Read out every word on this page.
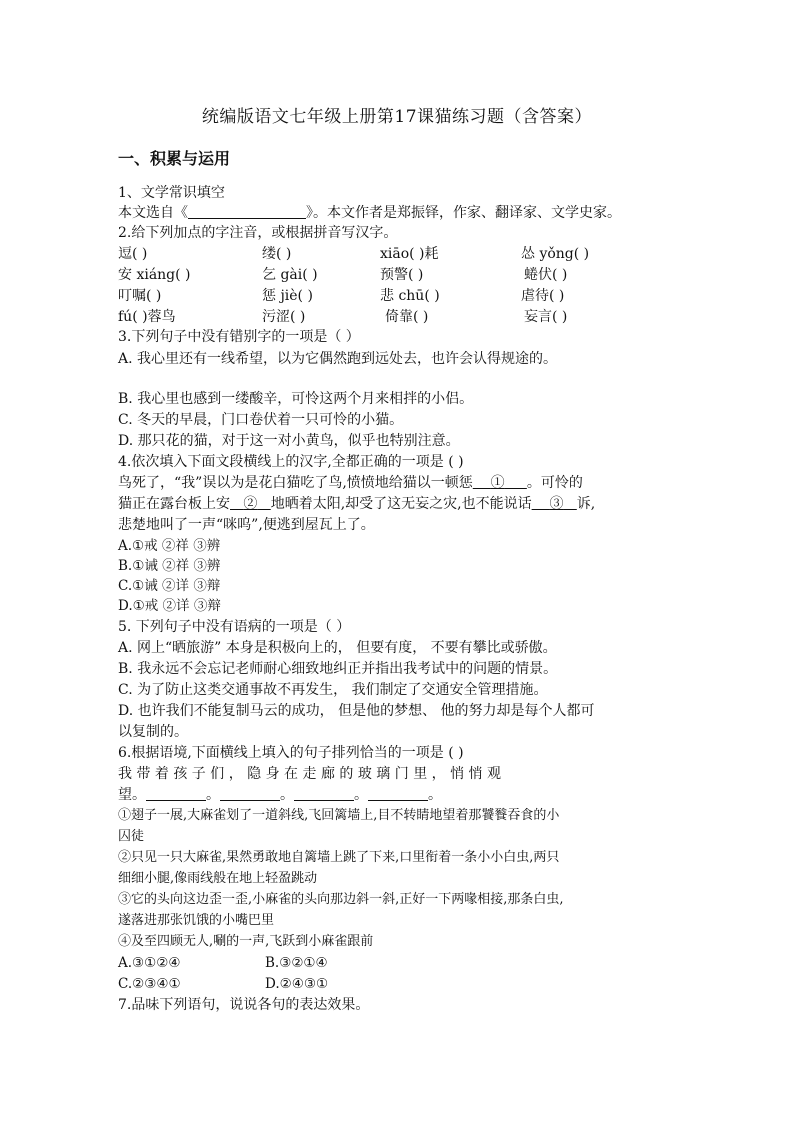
统编版语文七年级上册第17课猫练习题（含答案）
一、积累与运用
1、文学常识填空
本文选自《	》。本文作者是郑振铎，作家、翻译家、文学史家。
2.给下列加点的字注音，或根据拼音写汉字。
逗( )	缕( )	xiāo( )耗	怂 yǒng( )
安 xiáng( )	乞 gài( )	预警( )	蜷伏( )
叮嘱( )	惩 jiè( )	悲 chū( )	虐待( )
fú( )蓉鸟	污涩( )	倚靠( )	妄言( )
3.下列句子中没有错别字的一项是（ ）
A. 我心里还有一线希望，以为它偶然跑到远处去，也许会认得规途的。
B. 我心里也感到一缕酸辛，可怜这两个月来相拌的小侣。
C. 冬天的早晨，门口卷伏着一只可怜的小猫。
D. 那只花的猫，对于这一对小黄鸟，似乎也特别注意。
4.依次填入下面文段横线上的汉字,全都正确的一项是 ( )
鸟死了，“我”误以为是花白猫吃了鸟,愤愤地给猫以一顿惩 ① 。可怜的
猫正在露台板上安 ② 地晒着太阳,却受了这无妄之灾,也不能说话 ③ 诉,
悲楚地叫了一声“咪呜”,便逃到屋瓦上了。
A.①戒 ②祥 ③辨
B.①诫 ②祥 ③辨
C.①诫 ②详 ③辩
D.①戒 ②详 ③辩
5. 下列句子中没有语病的一项是（ ）
A. 网上“晒旅游” 本身是积极向上的， 但要有度， 不要有攀比或骄傲。
B. 我永远不会忘记老师耐心细致地纠正并指出我考试中的问题的情景。
C. 为了防止这类交通事故不再发生， 我们制定了交通安全管理措施。
D. 也许我们不能复制马云的成功， 但是他的梦想、 他的努力却是每个人都可
以复制的。
6.根据语境,下面横线上填入的句子排列恰当的一项是 ( )
我 带 着 孩 子 们 ， 隐 身 在 走 廊 的 玻 璃 门 里 ， 悄 悄 观
望。	。	。	。	。
①翅子一展,大麻雀划了一道斜线,飞回篱墙上,目不转睛地望着那饕餮吞食的小
囚徒
②只见一只大麻雀,果然勇敢地自篱墙上跳了下来,口里衔着一条小小白虫,两只
细细小腿,像雨线般在地上轻盈跳动
③它的头向这边歪一歪,小麻雀的头向那边斜一斜,正好一下两喙相接,那条白虫,
遂落进那张饥饿的小嘴巴里
④及至四顾无人,唰的一声,飞跃到小麻雀跟前
A.③①②④	B.③②①④
C.②③④①	D.②④③①
7.品味下列语句，说说各句的表达效果。
